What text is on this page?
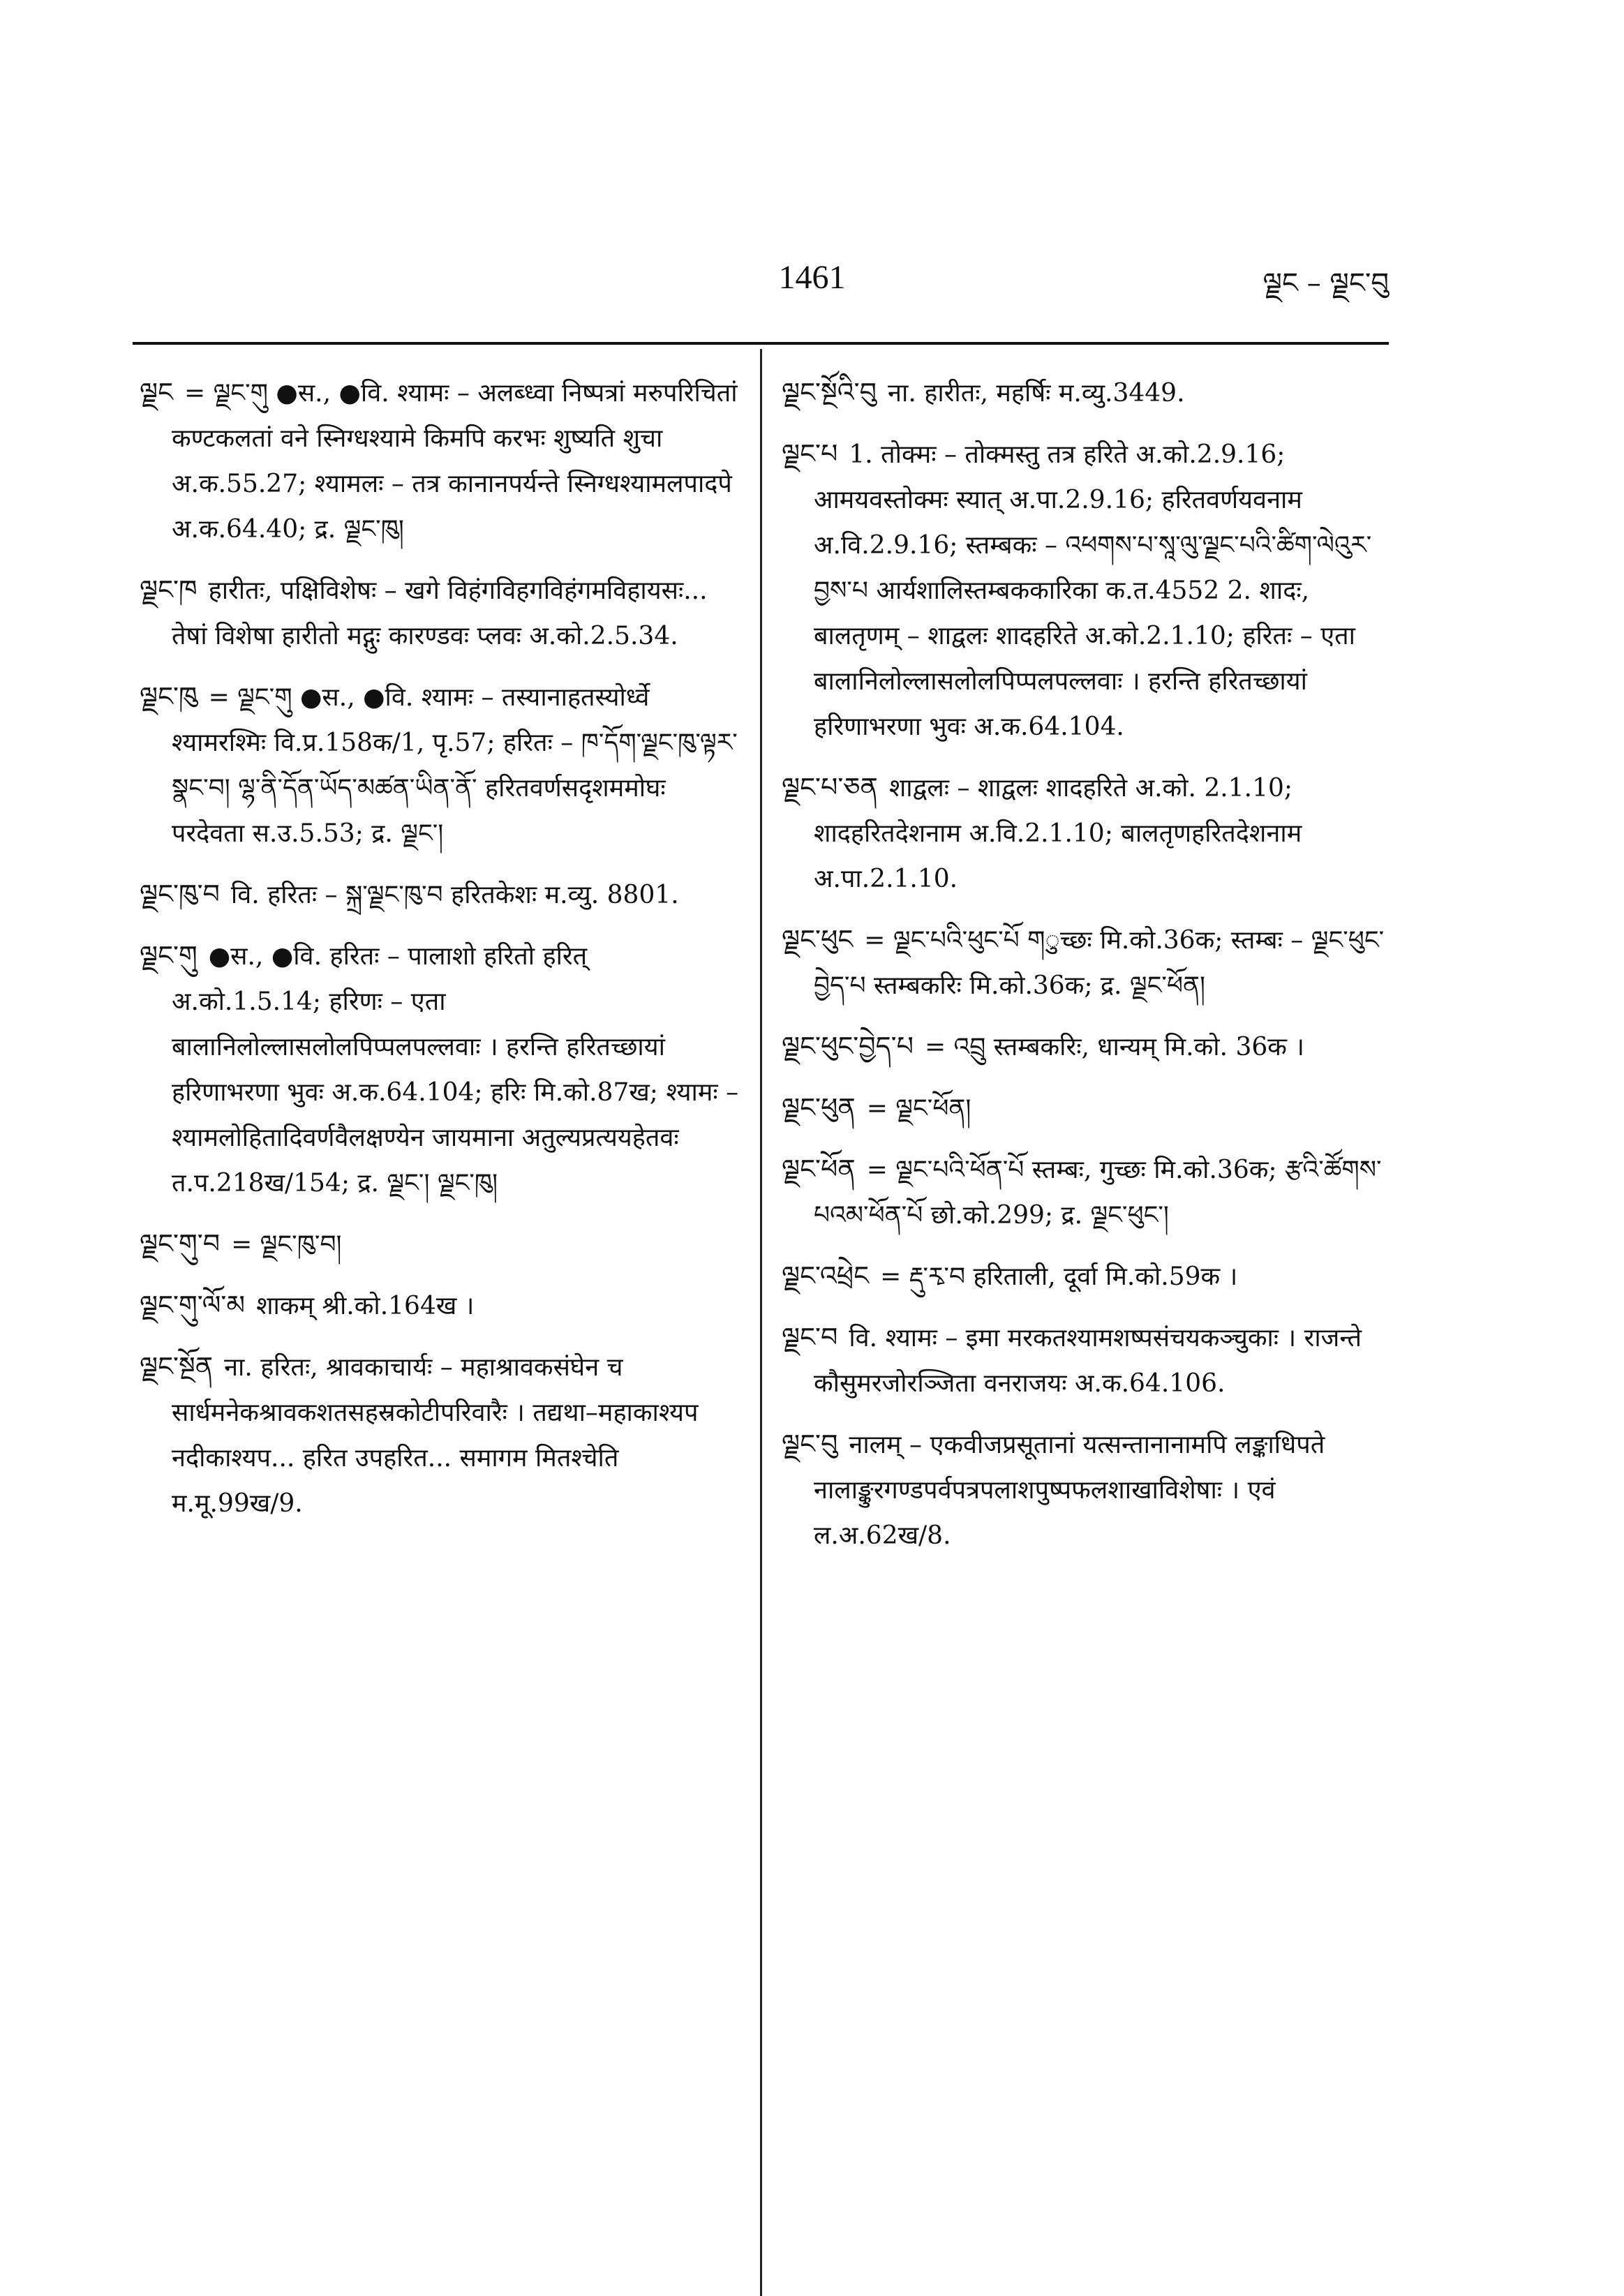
1461	ལྗང – ལྗང་བུ
ལྗང = ལྗང་གུ ●स., ●वि. श्यामः – अलब्ध्वा निष्पत्रां मरुपरिचितां कण्टकलतां वने स्निग्धश्यामे किमपि करभः शुष्यति शुचा अ.क.55.27; श्यामलः – तत्र कानानपर्यन्ते स्निग्धश्यामलपादपे अ.क.64.40; द्र. ལྗང་ཁུ།
ལྗང་ཁ हारीतः, पक्षिविशेषः – खगे विहंगविहगविहंगमविहायसः... तेषां विशेषा हारीतो मद्गुः कारण्डवः प्लवः अ.को.2.5.34.
ལྗང་ཁུ = ལྗང་གུ ●स., ●वि. श्यामः – तस्यानाहतस्योर्ध्वे श्यामरश्मिः वि.प्र.158क/1, पृ.57; हरितः – ཁ་དོག་ལྗང་ཁུ་ལྟར་སྣང་བ། ལྷ་ནི་དོན་ཡོད་མཚན་ཡིན་ནོ་ हरितवर्णसदृशममोघः परदेवता स.उ.5.53; द्र. ལྗང་།
ལྗང་ཁུ་བ वि. हरितः – སྐྲ་ལྗང་ཁུ་བ हरितकेशः म.व्यु. 8801.
ལྗང་གུ ●स., ●वि. हरितः – पालाशो हरितो हरित् अ.को.1.5.14; हरिणः – एता बालानिलोल्लासलोलपिप्पलपल्लवाः । हरन्ति हरितच्छायां हरिणाभरणा भुवः अ.क.64.104; हरिः मि.को.87ख; श्यामः – श्यामलोहितादिवर्णवैलक्षण्येन जायमाना अतुल्यप्रत्ययहेतवः त.प.218ख/154; द्र. ལྗང་། ལྗང་ཁུ།
ལྗང་གུ་བ = ལྗང་ཁུ་བ།
ལྗང་གུ་ལོ་མ शाकम् श्री.को.164ख ।
ལྗང་སྔོན ना. हरितः, श्रावकाचार्यः – महाश्रावकसंघेन च सार्धमनेकश्रावकशतसहस्रकोटीपरिवारैः । तद्यथा–महाकाश्यप नदीकाश्यप... हरित उपहरित... समागम मितश्चेति म.मू.99ख/9.
ལྗང་སྔོའི་བུ ना. हारीतः, महर्षिः म.व्यु.3449.
ལྗང་པ 1. तोक्मः – तोक्मस्तु तत्र हरिते अ.को.2.9.16; आमयवस्तोक्मः स्यात् अ.पा.2.9.16; हरितवर्णयवनाम अ.वि.2.9.16; स्तम्बकः – འཕགས་པ་སཱ་ལུ་ལྗང་པའི་ཚིག་ལེའུར་བྱས་པ आर्यशालिस्तम्बककारिका क.त.4552 2. शादः, बालतृणम् – शाद्वलः शादहरिते अ.को.2.1.10; हरितः – एता बालानिलोल्लासलोलपिप्पलपल्लवाः । हरन्ति हरितच्छायां हरिणाभरणा भुवः अ.क.64.104.
ལྗང་པ་ཅན शाद्वलः – शाद्वलः शादहरिते अ.को. 2.1.10; शादहरितदेशनाम अ.वि.2.1.10; बालतृणहरितदेशनाम अ.पा.2.1.10.
ལྗང་ཕུང = ལྗང་པའི་ཕུང་པོ གुच्छः मि.को.36क; स्तम्बः – ལྗང་ཕུང་བྱེད་པ स्तम्बकरिः मि.को.36क; द्र. ལྗང་ཕོན།
ལྗང་ཕུང་བྱེད་པ = འབྲུ स्तम्बकरिः, धान्यम् मि.को. 36क ।
ལྗང་ཕུན = ལྗང་ཕོན།
ལྗང་ཕོན = ལྗང་པའི་ཕོན་པོ स्तम्बः, गुच्छः मि.को.36क; རྩའི་ཚོགས་པའམ་ཕོན་པོ छो.को.299; द्र. ལྗང་ཕུང་།
ལྗང་འཕྲེང = རྡུ་རྭ་བ हरिताली, दूर्वा मि.को.59क ।
ལྗང་བ वि. श्यामः – इमा मरकतश्यामशष्पसंचयकञ्चुकाः । राजन्ते कौसुमरजोरञ्जिता वनराजयः अ.क.64.106.
ལྗང་བུ नालम् – एकवीजप्रसूतानां यत्सन्तानानामपि लङ्काधिपते नालाङ्कुरगण्डपर्वपत्रपलाशपुष्पफलशाखाविशेषाः । एवं ल.अ.62ख/8.
